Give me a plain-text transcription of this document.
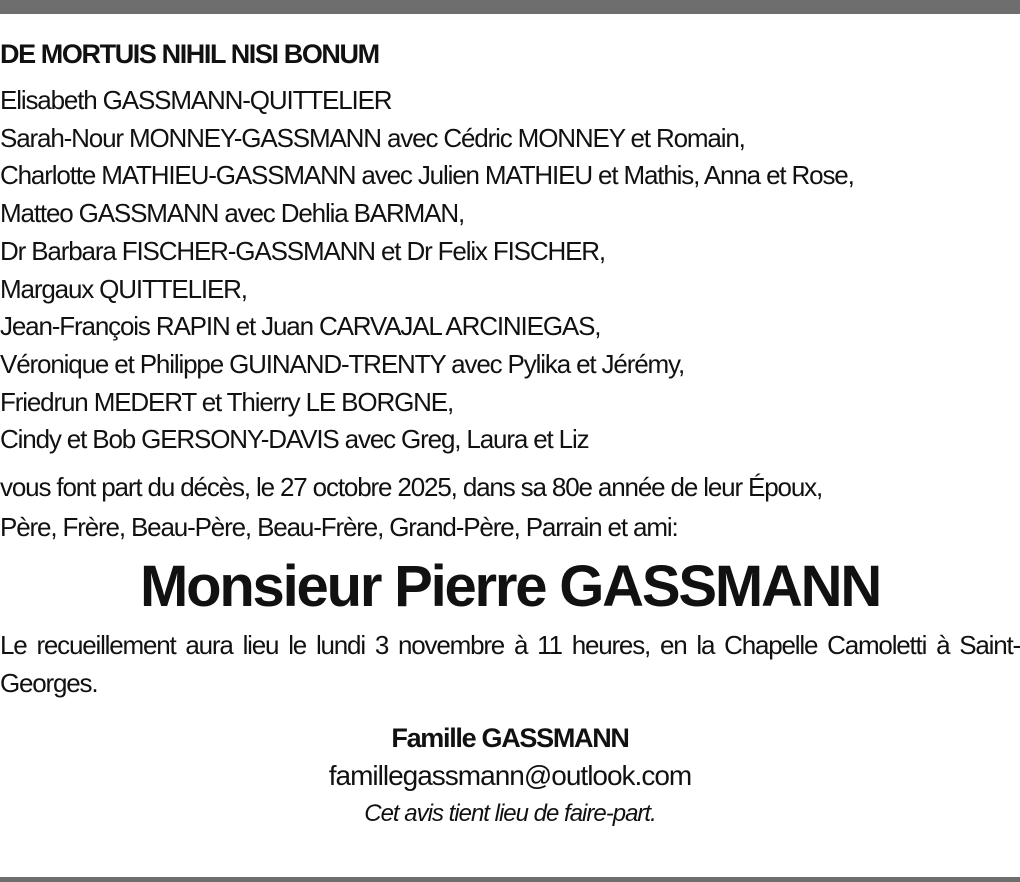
DE MORTUIS NIHIL NISI BONUM
Elisabeth GASSMANN-QUITTELIER
Sarah-Nour MONNEY-GASSMANN avec Cédric MONNEY et Romain,
Charlotte MATHIEU-GASSMANN avec Julien MATHIEU et Mathis, Anna et Rose,
Matteo GASSMANN avec Dehlia BARMAN,
Dr Barbara FISCHER-GASSMANN et Dr Felix FISCHER,
Margaux QUITTELIER,
Jean-François RAPIN et Juan CARVAJAL ARCINIEGAS,
Véronique et Philippe GUINAND-TRENTY avec Pylika et Jérémy,
Friedrun MEDERT et Thierry LE BORGNE,
Cindy et Bob GERSONY-DAVIS avec Greg, Laura et Liz
vous font part du décès, le 27 octobre 2025, dans sa 80e année de leur Époux,
Père, Frère, Beau-Père, Beau-Frère, Grand-Père, Parrain et ami:
Monsieur Pierre GASSMANN
Le recueillement aura lieu le lundi 3 novembre à 11 heures, en la Chapelle Camoletti à Saint-Georges.
Famille GASSMANN
famillegassmann@outlook.com
Cet avis tient lieu de faire-part.
